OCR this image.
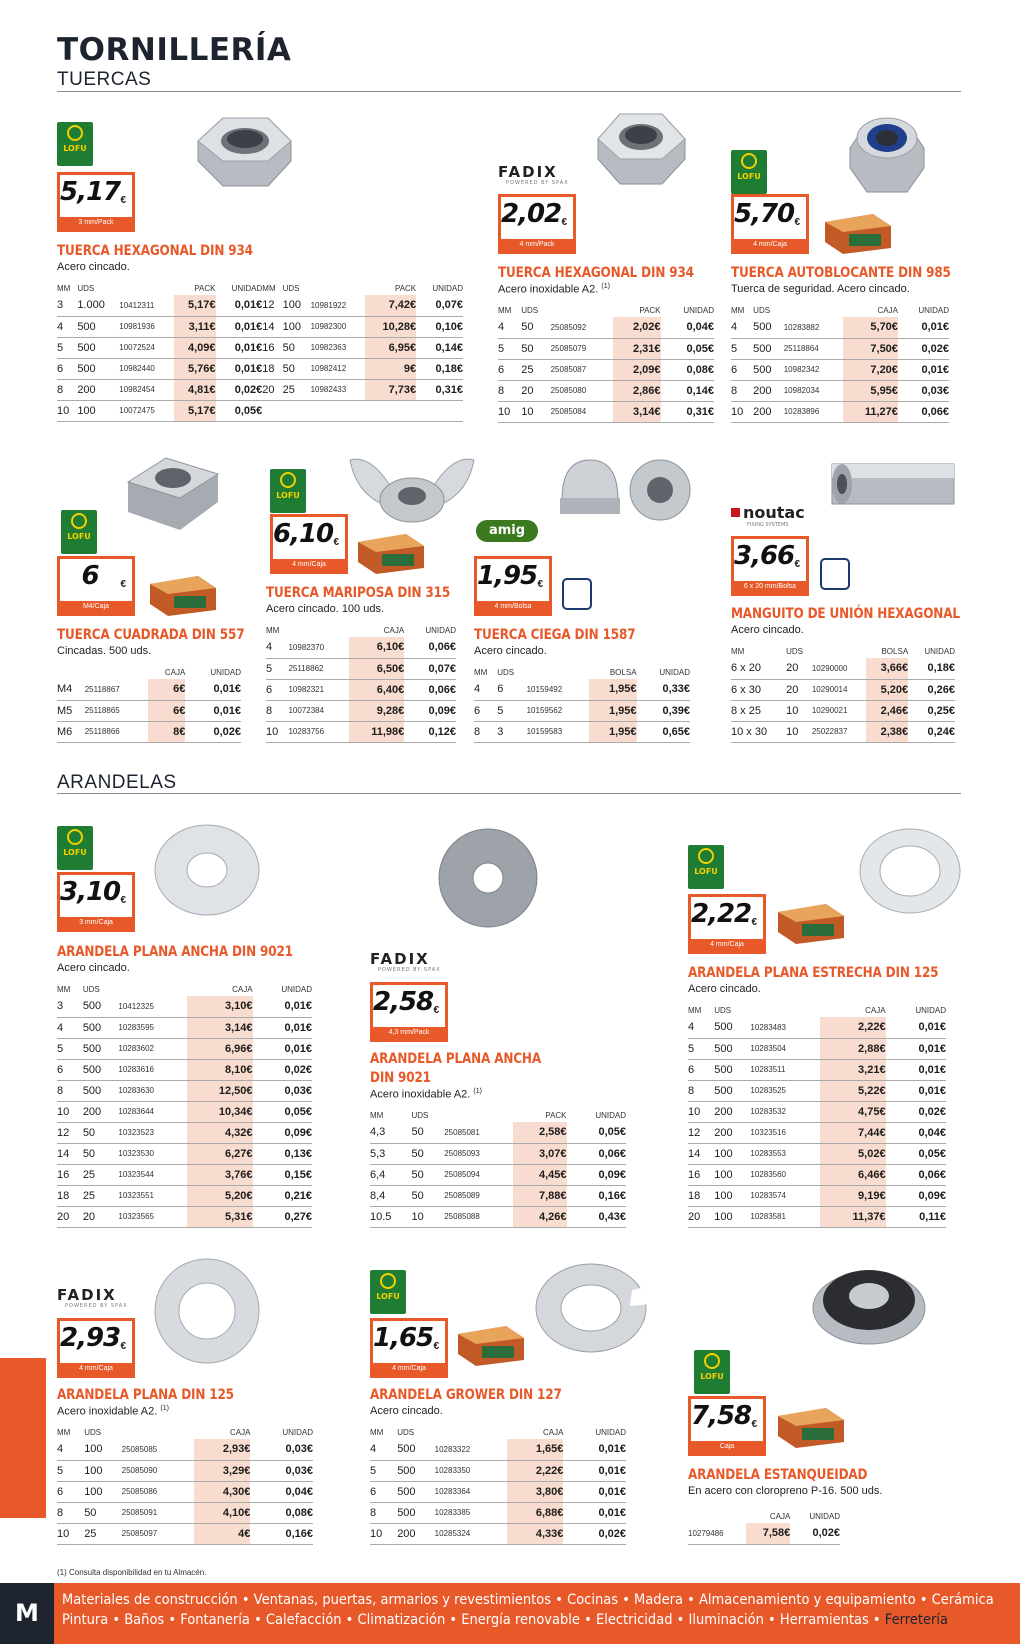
TORNILLERÍA
TUERCAS
ARANDELAS
LOFU
5,17 €
3 mm/Pack
TUERCA HEXAGONAL DIN 934
Acero cincado.
MM	UDS		PACK	UNIDAD	MM	UDS		PACK	UNIDAD
3	1.000	10412311	5,17€	0,01€	12	100	10981922	7,42€	0,07€
4	500	10981936	3,11€	0,01€	14	100	10982300	10,28€	0,10€
5	500	10072524	4,09€	0,01€	16	50	10982363	6,95€	0,14€
6	500	10982440	5,76€	0,01€	18	50	10982412	9€	0,18€
8	200	10982454	4,81€	0,02€	20	25	10982433	7,73€	0,31€
10	100	10072475	5,17€	0,05€					
FADIX
POWERED BY SPAX
2,02 €
4 mm/Pack
TUERCA HEXAGONAL DIN 934
Acero inoxidable A2. $^{(1)}$
MM	UDS		PACK	UNIDAD
4	50	25085092	2,02€	0,04€
5	50	25085079	2,31€	0,05€
6	25	25085087	2,09€	0,08€
8	20	25085080	2,86€	0,14€
10	10	25085084	3,14€	0,31€
LOFU
5,70 €
4 mm/Caja
TUERCA AUTOBLOCANTE DIN 985
Tuerca de seguridad. Acero cincado.
MM	UDS		CAJA	UNIDAD
4	500	10283882	5,70€	0,01€
5	500	25118864	7,50€	0,02€
6	500	10982342	7,20€	0,01€
8	200	10982034	5,95€	0,03€
10	200	10283896	11,27€	0,06€
LOFU
6	€
M4/Caja
TUERCA CUADRADA DIN 557
Cincadas. 500 uds.
		CAJA	UNIDAD
M4	25118867	6€	0,01€
M5	25118865	6€	0,01€
M6	25118866	8€	0,02€
LOFU
6,10 €
4 mm/Caja
TUERCA MARIPOSA DIN 315
Acero cincado. 100 uds.
MM		CAJA	UNIDAD
4	10982370	6,10€	0,06€
5	25118862	6,50€	0,07€
6	10982321	6,40€	0,06€
8	10072384	9,28€	0,09€
10	10283756	11,98€	0,12€
amig
1,95 €
4 mm/Bolsa
TUERCA CIEGA DIN 1587
Acero cincado.
MM	UDS		BOLSA	UNIDAD
4	6	10159492	1,95€	0,33€
6	5	10159562	1,95€	0,39€
8	3	10159583	1,95€	0,65€
noutac
FIXING SYSTEMS
3,66 €
6 x 20 mm/Bolsa
MANGUITO DE UNIÓN HEXAGONAL
Acero cincado.
MM	UDS		BOLSA	UNIDAD
6 x 20	20	10290000	3,66€	0,18€
6 x 30	20	10290014	5,20€	0,26€
8 x 25	10	10290021	2,46€	0,25€
10 x 30	10	25022837	2,38€	0,24€
LOFU
3,10 €
3 mm/Caja
ARANDELA PLANA ANCHA DIN 9021
Acero cincado.
MM	UDS		CAJA	UNIDAD
3	500	10412325	3,10€	0,01€
4	500	10283595	3,14€	0,01€
5	500	10283602	6,96€	0,01€
6	500	10283616	8,10€	0,02€
8	500	10283630	12,50€	0,03€
10	200	10283644	10,34€	0,05€
12	50	10323523	4,32€	0,09€
14	50	10323530	6,27€	0,13€
16	25	10323544	3,76€	0,15€
18	25	10323551	5,20€	0,21€
20	20	10323565	5,31€	0,27€
FADIX
POWERED BY SPAX
2,58 €
4,3 mm/Pack
ARANDELA PLANA ANCHA
DIN 9021
Acero inoxidable A2. $^{(1)}$
MM	UDS		PACK	UNIDAD
4,3	50	25085081	2,58€	0,05€
5,3	50	25085093	3,07€	0,06€
6,4	50	25085094	4,45€	0,09€
8,4	50	25085089	7,88€	0,16€
10.5	10	25085088	4,26€	0,43€
LOFU
2,22 €
4 mm/Caja
ARANDELA PLANA ESTRECHA DIN 125
Acero cincado.
MM	UDS		CAJA	UNIDAD
4	500	10283483	2,22€	0,01€
5	500	10283504	2,88€	0,01€
6	500	10283511	3,21€	0,01€
8	500	10283525	5,22€	0,01€
10	200	10283532	4,75€	0,02€
12	200	10323516	7,44€	0,04€
14	100	10283553	5,02€	0,05€
16	100	10283560	6,46€	0,06€
18	100	10283574	9,19€	0,09€
20	100	10283581	11,37€	0,11€
FADIX
POWERED BY SPAX
2,93 €
4 mm/Caja
ARANDELA PLANA DIN 125
Acero inoxidable A2. $^{(1)}$
MM	UDS		CAJA	UNIDAD
4	100	25085085	2,93€	0,03€
5	100	25085090	3,29€	0,03€
6	100	25085086	4,30€	0,04€
8	50	25085091	4,10€	0,08€
10	25	25085097	4€	0,16€
LOFU
1,65 €
4 mm/Caja
ARANDELA GROWER DIN 127
Acero cincado.
MM	UDS		CAJA	UNIDAD
4	500	10283322	1,65€	0,01€
5	500	10283350	2,22€	0,01€
6	500	10283364	3,80€	0,01€
8	500	10283385	6,88€	0,01€
10	200	10285324	4,33€	0,02€
LOFU
7,58 €
Caja
ARANDELA ESTANQUEIDAD
En acero con cloropreno P-16. 500 uds.
	CAJA	UNIDAD
10279486	7,58€	0,02€
FERRETERÍA
(1) Consulta disponibilidad en tu Almacén.
M	Materiales de construcción • Ventanas, puertas, armarios y revestimientos • Cocinas • Madera • Almacenamiento y equipamiento • Cerámica
Pintura • Baños • Fontanería • Calefacción • Climatización • Energía renovable • Electricidad • Iluminación • Herramientas • Ferretería
